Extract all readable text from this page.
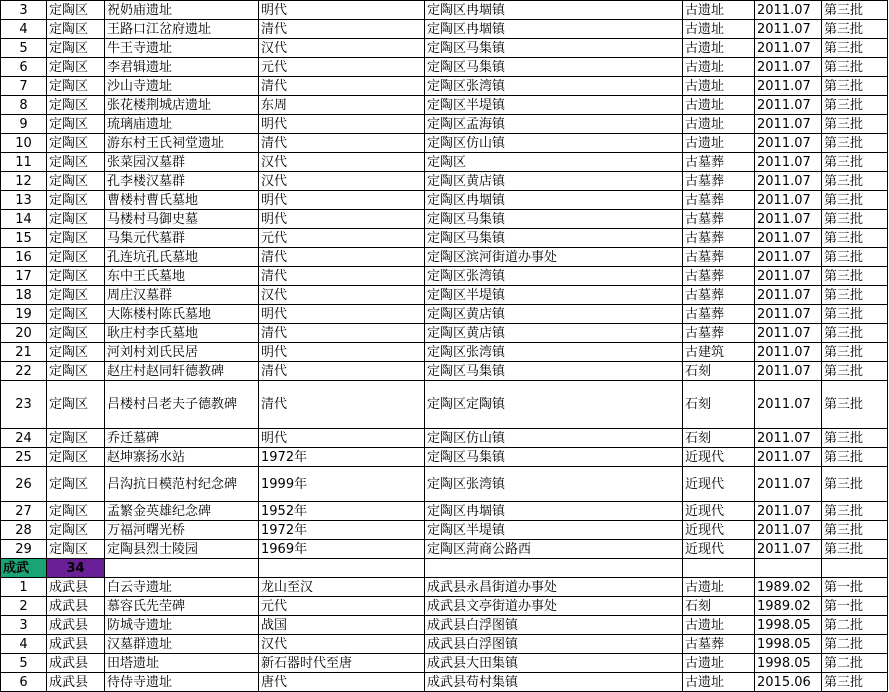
3	定陶区	祝奶庙遗址	明代	定陶区冉堌镇	古遗址	2011.07	第三批
4	定陶区	王路口江岔府遗址	清代	定陶区冉堌镇	古遗址	2011.07	第三批
5	定陶区	牛王寺遗址	汉代	定陶区马集镇	古遗址	2011.07	第三批
6	定陶区	李君辑遗址	元代	定陶区马集镇	古遗址	2011.07	第三批
7	定陶区	沙山寺遗址	清代	定陶区张湾镇	古遗址	2011.07	第三批
8	定陶区	张花楼荆城店遗址	东周	定陶区半堤镇	古遗址	2011.07	第三批
9	定陶区	琉璃庙遗址	明代	定陶区孟海镇	古遗址	2011.07	第三批
10	定陶区	游东村王氏祠堂遗址	清代	定陶区仿山镇	古遗址	2011.07	第三批
11	定陶区	张菜园汉墓群	汉代	定陶区	古墓葬	2011.07	第三批
12	定陶区	孔李楼汉墓群	汉代	定陶区黄店镇	古墓葬	2011.07	第三批
13	定陶区	曹楼村曹氏墓地	明代	定陶区冉堌镇	古墓葬	2011.07	第三批
14	定陶区	马楼村马御史墓	明代	定陶区马集镇	古墓葬	2011.07	第三批
15	定陶区	马集元代墓群	元代	定陶区马集镇	古墓葬	2011.07	第三批
16	定陶区	孔连坑孔氏墓地	清代	定陶区滨河街道办事处	古墓葬	2011.07	第三批
17	定陶区	东中王氏墓地	清代	定陶区张湾镇	古墓葬	2011.07	第三批
18	定陶区	周庄汉墓群	汉代	定陶区半堤镇	古墓葬	2011.07	第三批
19	定陶区	大陈楼村陈氏墓地	明代	定陶区黄店镇	古墓葬	2011.07	第三批
20	定陶区	耿庄村李氏墓地	清代	定陶区黄店镇	古墓葬	2011.07	第三批
21	定陶区	河刘村刘氏民居	明代	定陶区张湾镇	古建筑	2011.07	第三批
22	定陶区	赵庄村赵同轩德教碑	清代	定陶区马集镇	石刻	2011.07	第三批
23	定陶区	吕楼村吕老夫子德教碑	清代	定陶区定陶镇	石刻	2011.07	第三批
24	定陶区	乔迁墓碑	明代	定陶区仿山镇	石刻	2011.07	第三批
25	定陶区	赵坤寨扬水站	1972年	定陶区马集镇	近现代	2011.07	第三批
26	定陶区	吕沟抗日模范村纪念碑	1999年	定陶区张湾镇	近现代	2011.07	第三批
27	定陶区	孟繁金英雄纪念碑	1952年	定陶区冉堌镇	近现代	2011.07	第三批
28	定陶区	万福河曙光桥	1972年	定陶区半堤镇	近现代	2011.07	第三批
29	定陶区	定陶县烈士陵园	1969年	定陶区菏商公路西	近现代	2011.07	第三批
成武	34						
1	成武县	白云寺遗址	龙山至汉	成武县永昌街道办事处	古遗址	1989.02	第一批
2	成武县	慕容氏先茔碑	元代	成武县文亭街道办事处	石刻	1989.02	第一批
3	成武县	防城寺遗址	战国	成武县白浮图镇	古遗址	1998.05	第二批
4	成武县	汉墓群遗址	汉代	成武县白浮图镇	古墓葬	1998.05	第二批
5	成武县	田塔遗址	新石器时代至唐	成武县大田集镇	古遗址	1998.05	第二批
6	成武县	待侍寺遗址	唐代	成武县苟村集镇	古遗址	2015.06	第三批
